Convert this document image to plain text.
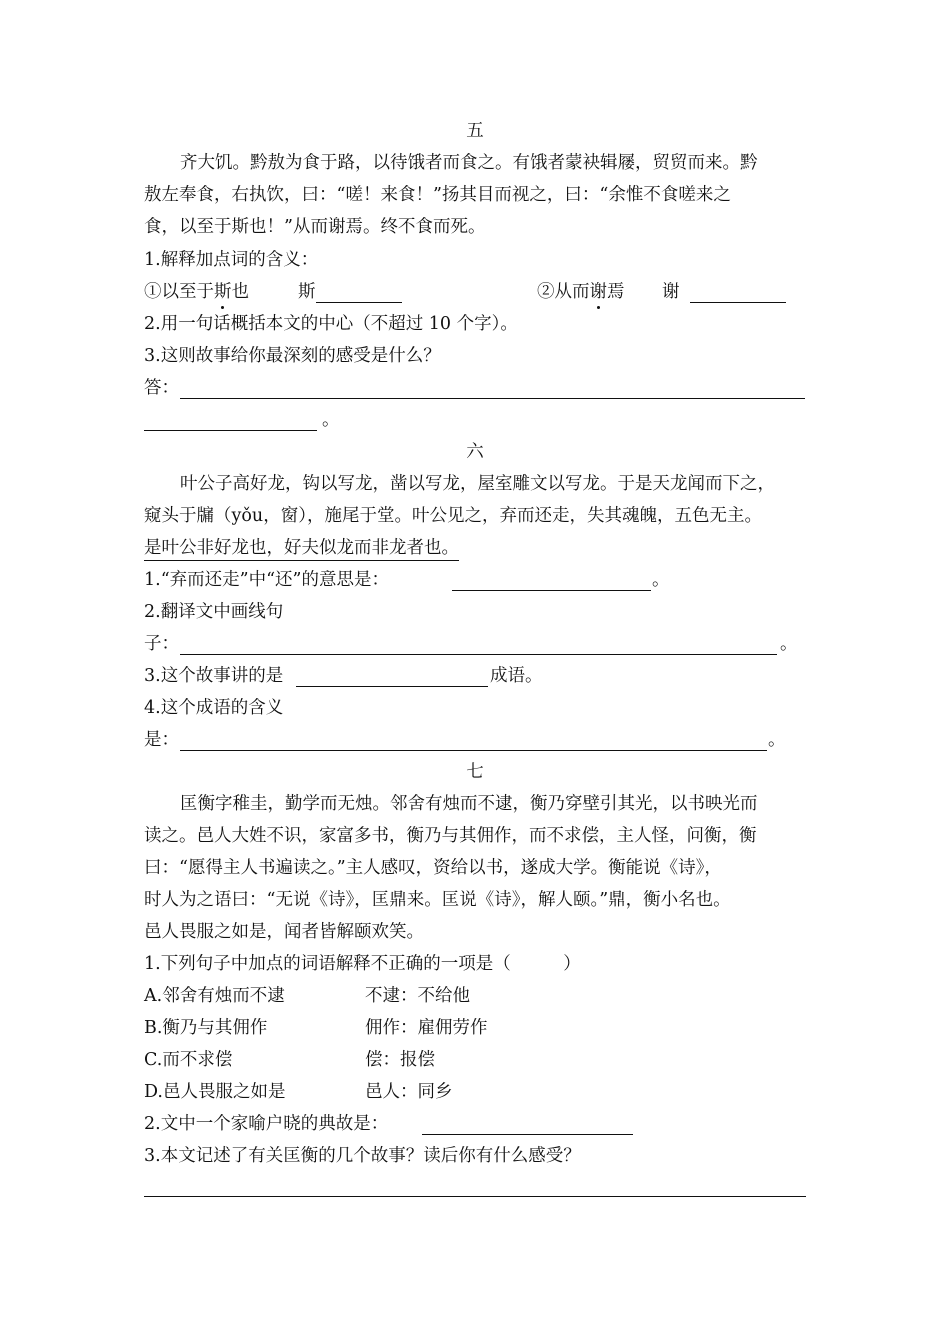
五
齐大饥。黔敖为食于路，以待饿者而食之。有饿者蒙袂辑屦，贸贸而来。黔
敖左奉食，右执饮，曰：“嗟！来食！”扬其目而视之，曰：“余惟不食嗟来之
食，以至于斯也！”从而谢焉。终不食而死。
1.解释加点词的含义：
①以至于斯也	斯	②从而谢焉 谢
2.用一句话概括本文的中心（不超过 10 个字）。
3.这则故事给你最深刻的感受是什么？
答：
。
六
叶公子高好龙，钩以写龙，凿以写龙，屋室雕文以写龙。于是天龙闻而下之，
窥头于牖（yǒu，窗），施尾于堂。叶公见之，弃而还走，失其魂魄，五色无主。
是叶公非好龙也，好夫似龙而非龙者也。
1.“弃而还走”中“还”的意思是：	。
2.翻译文中画线句
子：	。
3.这个故事讲的是	成语。
4.这个成语的含义
是：	。
七
匡衡字稚圭，勤学而无烛。邻舍有烛而不逮，衡乃穿壁引其光，以书映光而
读之。邑人大姓不识，家富多书，衡乃与其佣作，而不求偿，主人怪，问衡，衡
曰：“愿得主人书遍读之。”主人感叹，资给以书，遂成大学。衡能说《诗》，
时人为之语曰：“无说《诗》，匡鼎来。匡说《诗》，解人颐。”鼎，衡小名也。
邑人畏服之如是，闻者皆解颐欢笑。
1.下列句子中加点的词语解释不正确的一项是（　　　）
A.邻舍有烛而不逮	不逮：不给他
B.衡乃与其佣作	佣作：雇佣劳作
C.而不求偿	偿：报偿
D.邑人畏服之如是	邑人：同乡
2.文中一个家喻户晓的典故是：
3.本文记述了有关匡衡的几个故事？读后你有什么感受？
